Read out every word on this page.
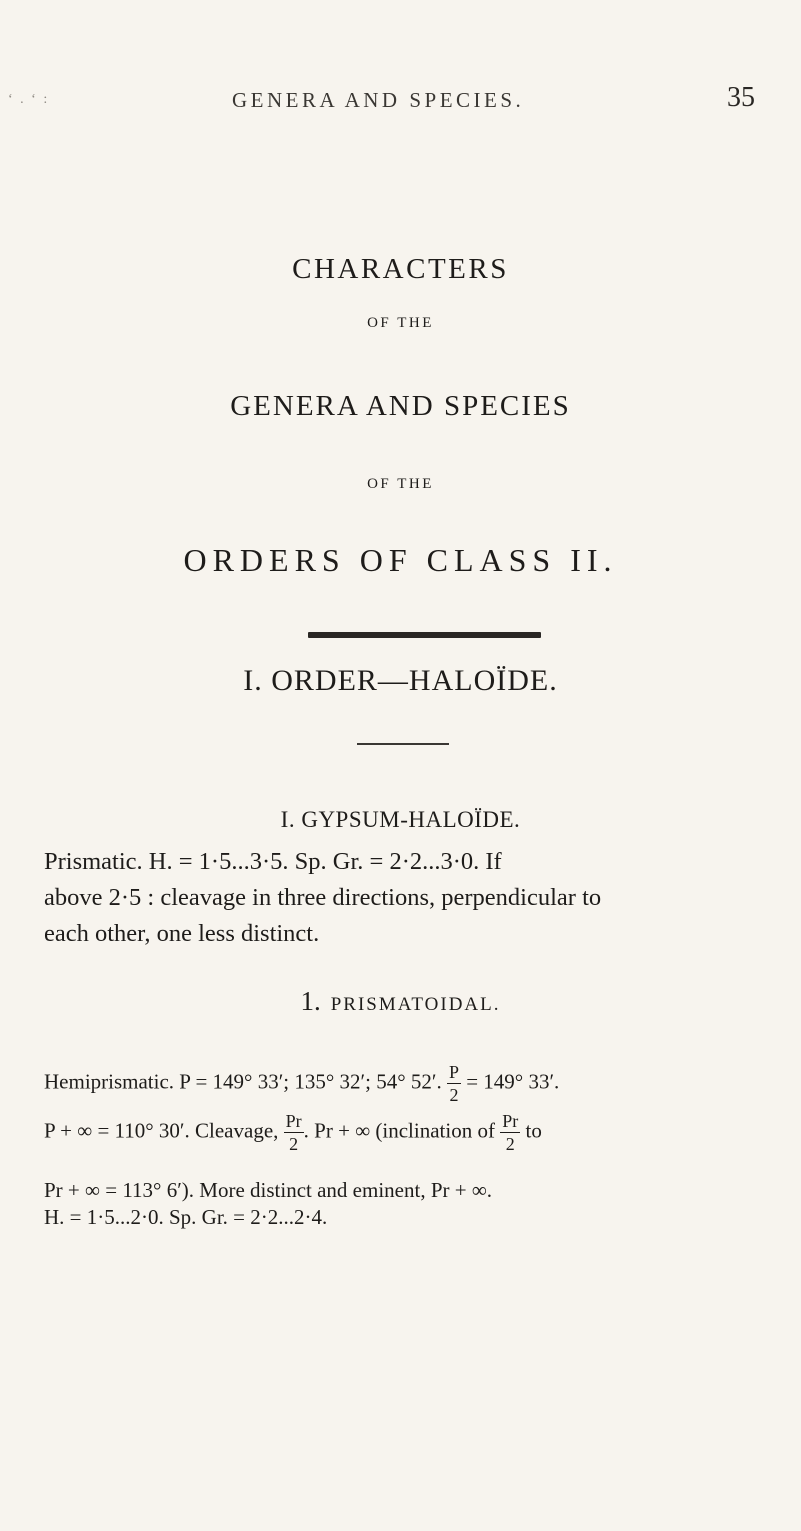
‘ . ‘ :	GENERA AND SPECIES.	35
CHARACTERS
OF THE
GENERA AND SPECIES
OF THE
ORDERS OF CLASS II.
I. ORDER—HALOÏDE.
I. GYPSUM-HALOÏDE.
Prismatic. H. = 1·5...3·5. Sp. Gr. = 2·2...3·0. If
above 2·5 : cleavage in three directions, perpendicular to
each other, one less distinct.
1. PRISMATOIDAL.
Hemiprismatic. P = 149° 33′; 135° 32′; 54° 52′. $\frac{P}{2} = 149^\circ$ 33′.
P + ∞ = 110° 30′. Cleavage, $\frac{Pr}{2}$ . Pr + ∞ (inclination of $\frac{Pr}{2}$ to
Pr + ∞ = 113° 6′). More distinct and eminent, Pr + ∞.
H. = 1·5...2·0. Sp. Gr. = 2·2...2·4.
